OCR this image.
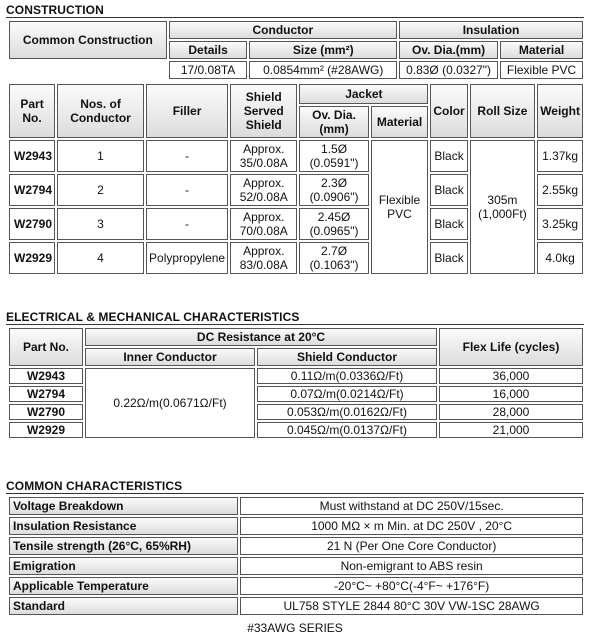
CONSTRUCTION
Common Construction	Conductor		Insulation	
	Details	Size (mm²)	Ov. Dia.(mm)	Material
	17/0.08TA	0.0854mm² (#28AWG)	0.83Ø (0.0327")	Flexible PVC
Part No.	Nos. of Conductor	Filler	Shield Served Shield	Jacket		Color	Roll Size	Weight
				Ov. Dia. (mm)	Material			
W2943	1	-	Approx. 35/0.08A	1.5Ø (0.0591")	Flexible PVC	Black	305m (1,000Ft)	1.37kg
W2794	2	-	Approx. 52/0.08A	2.3Ø (0.0906")		Black		2.55kg
W2790	3	-	Approx. 70/0.08A	2.45Ø (0.0965")		Black		3.25kg
W2929	4	Polypropylene	Approx. 83/0.08A	2.7Ø (0.1063")		Black		4.0kg
ELECTRICAL & MECHANICAL CHARACTERISTICS
Part No.	DC Resistance at 20°C		Flex Life (cycles)
	Inner Conductor	Shield Conductor	
W2943	0.22Ω/m(0.0671Ω/Ft)	0.11Ω/m(0.0336Ω/Ft)	36,000
W2794		0.07Ω/m(0.0214Ω/Ft)	16,000
W2790		0.053Ω/m(0.0162Ω/Ft)	28,000
W2929		0.045Ω/m(0.0137Ω/Ft)	21,000
COMMON CHARACTERISTICS
Voltage Breakdown	Must withstand at DC 250V/15sec.
Insulation Resistance	1000 MΩ × m Min. at DC 250V , 20°C
Tensile strength (26°C, 65%RH)	21 N (Per One Core Conductor)
Emigration	Non-emigrant to ABS resin
Applicable Temperature	-20°C~ +80°C(-4°F~ +176°F)
Standard	UL758 STYLE 2844 80°C 30V VW-1SC 28AWG
#33AWG SERIES
